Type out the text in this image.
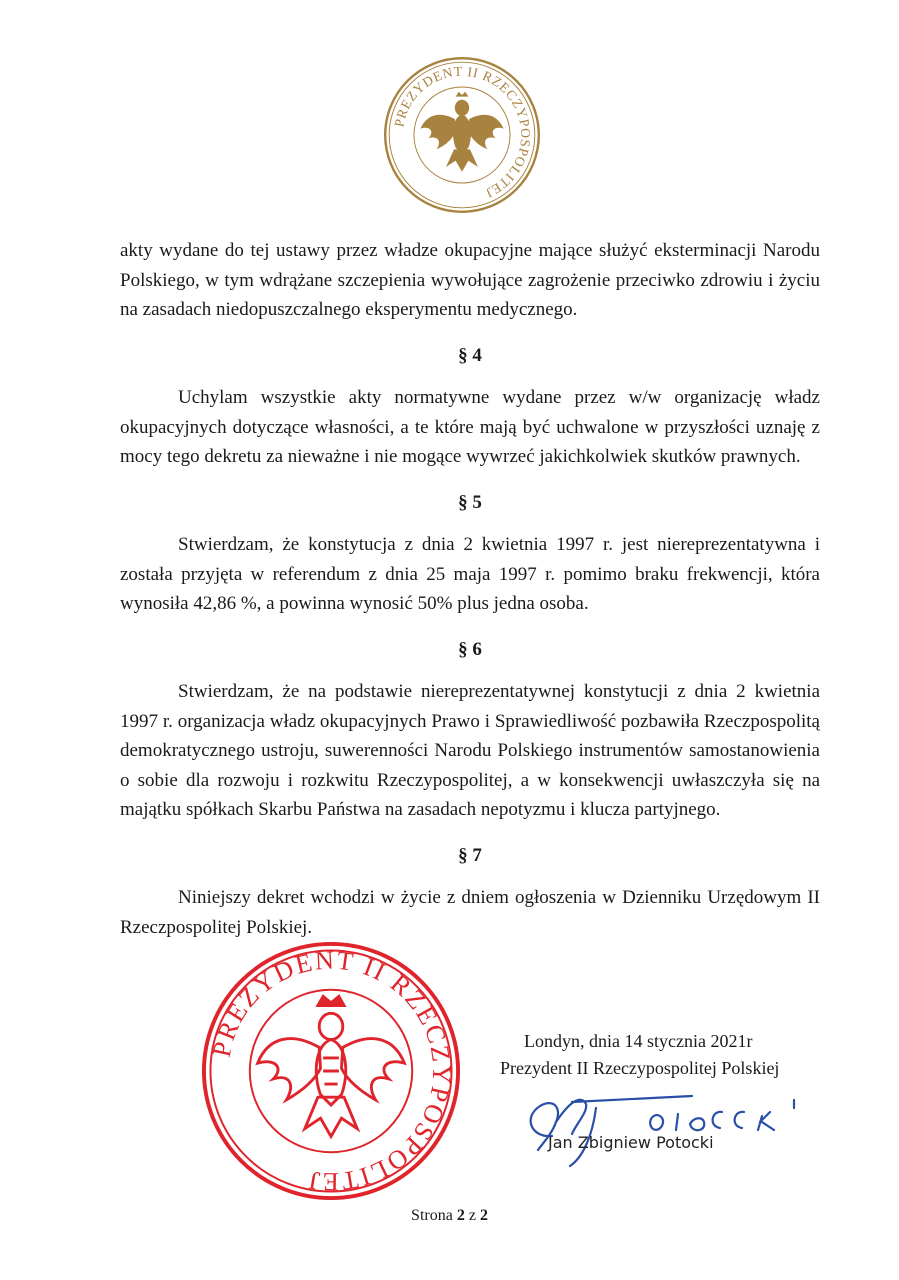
PREZYDENT II RZECZYPOSPOLITEJ

akty wydane do tej ustawy przez władze okupacyjne mające służyć eksterminacji Narodu Polskiego, w tym wdrążane szczepienia wywołujące zagrożenie przeciwko zdrowiu i życiu na zasadach niedopuszczalnego eksperymentu medycznego.

§ 4

Uchylam wszystkie akty normatywne wydane przez w/w organizację władz okupacyjnych dotyczące własności, a te które mają być uchwalone w przyszłości uznaję z mocy tego dekretu za nieważne i nie mogące wywrzeć jakichkolwiek skutków prawnych.

§ 5

Stwierdzam, że konstytucja z dnia 2 kwietnia 1997 r. jest niereprezentatywna i została przyjęta w referendum z dnia 25 maja 1997 r. pomimo braku frekwencji, która wynosiła 42,86 %, a powinna wynosić 50% plus jedna osoba.

§ 6

Stwierdzam, że na podstawie niereprezentatywnej konstytucji z dnia 2 kwietnia 1997 r. organizacja władz okupacyjnych Prawo i Sprawiedliwość pozbawiła Rzeczpospolitą demokratycznego ustroju, suwerenności Narodu Polskiego instrumentów samostanowienia o sobie dla rozwoju i rozkwitu Rzeczypospolitej, a w konsekwencji uwłaszczyła się na majątku spółkach Skarbu Państwa na zasadach nepotyzmu i klucza partyjnego.

§ 7

Niniejszy dekret wchodzi w życie z dniem ogłoszenia w Dzienniku Urzędowym II Rzeczpospolitej Polskiej.

PREZYDENT II RZECZYPOSPOLITEJ

Londyn, dnia 14 stycznia 2021r

Prezydent II Rzeczypospolitej Polskiej

Jan Zbigniew Potocki
Strona 2 z 2
